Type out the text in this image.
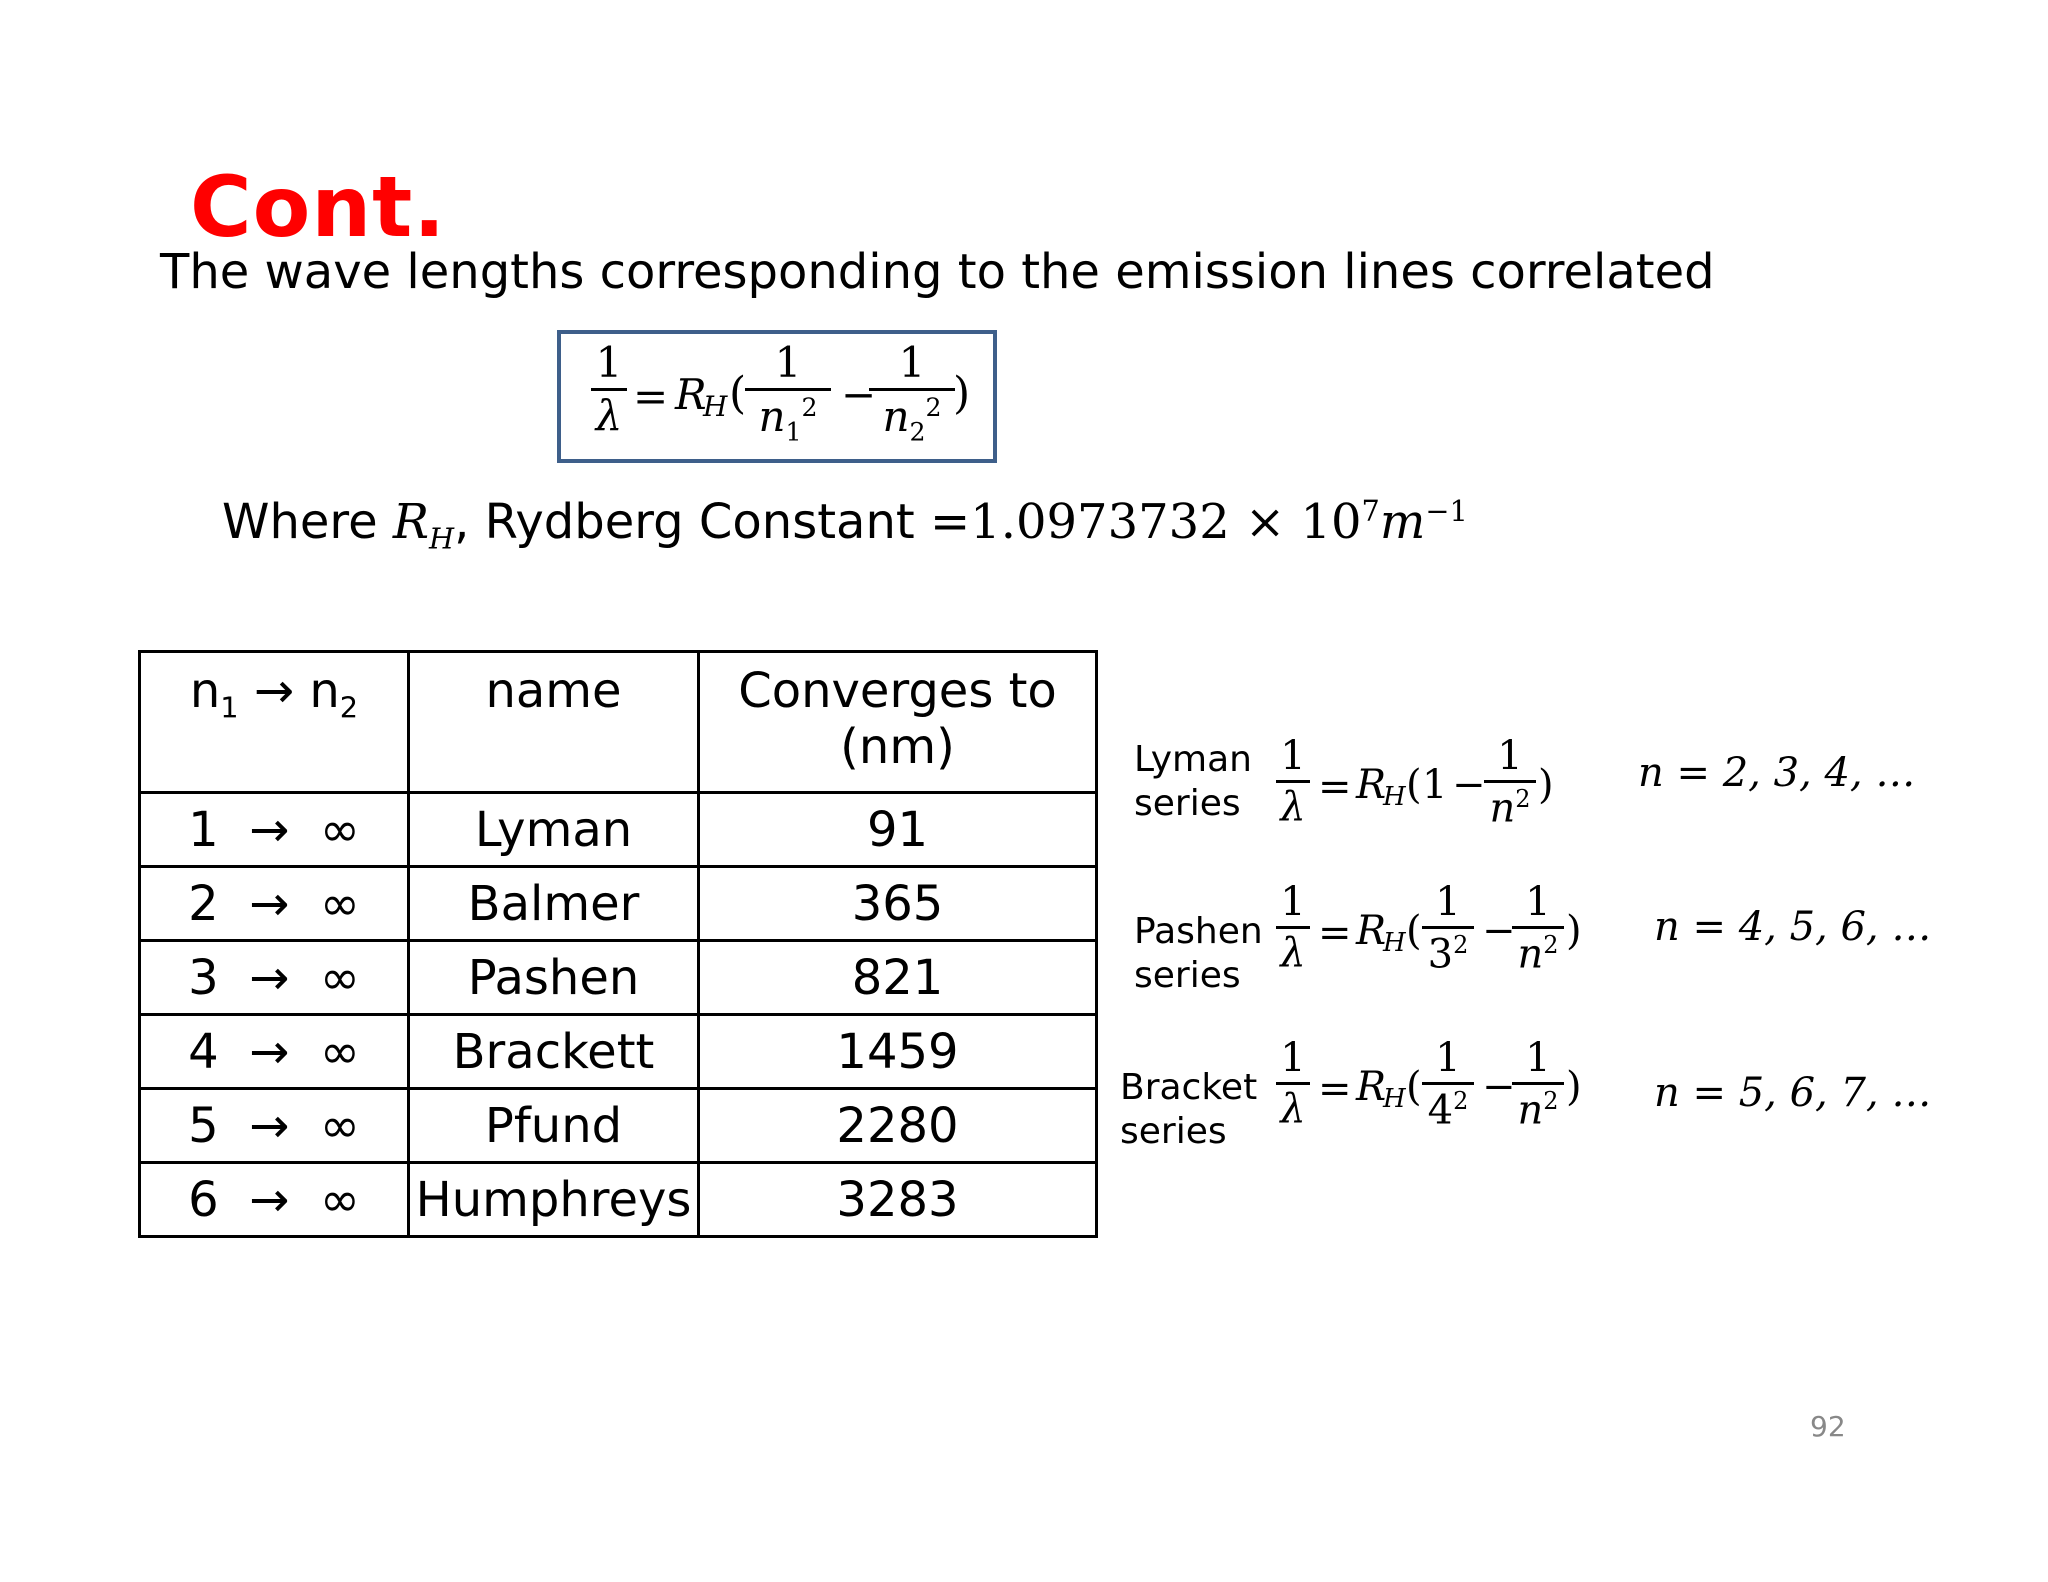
Cont.
The wave lengths corresponding to the emission lines correlated
1
λ = R
H (
1
$n_1^2$ −
1
$n_2^2$ )
Where $R_H$, Rydberg Constant $=1.0973732 \times 10^7m^{-1}$
$n_1 \to n_2$	name	Converges to
(nm)
1 → ∞	Lyman	91
2 → ∞	Balmer	365
3 → ∞	Pashen	821
4 → ∞	Brackett	1459
5 → ∞	Pfund	2280
6 → ∞	Humphreys	3283
Lyman
series
1
λ = R
H ( 1 −
1
$n^2$ ) n = 2, 3, 4, …
Pashen
series
1
λ = R
H (
1
$3^2$ −
1
$n^2$ ) n = 4, 5, 6, …
Bracket
series
1
λ = R
H (
1
$4^2$ −
1
$n^2$ ) n = 5, 6, 7, …
92
